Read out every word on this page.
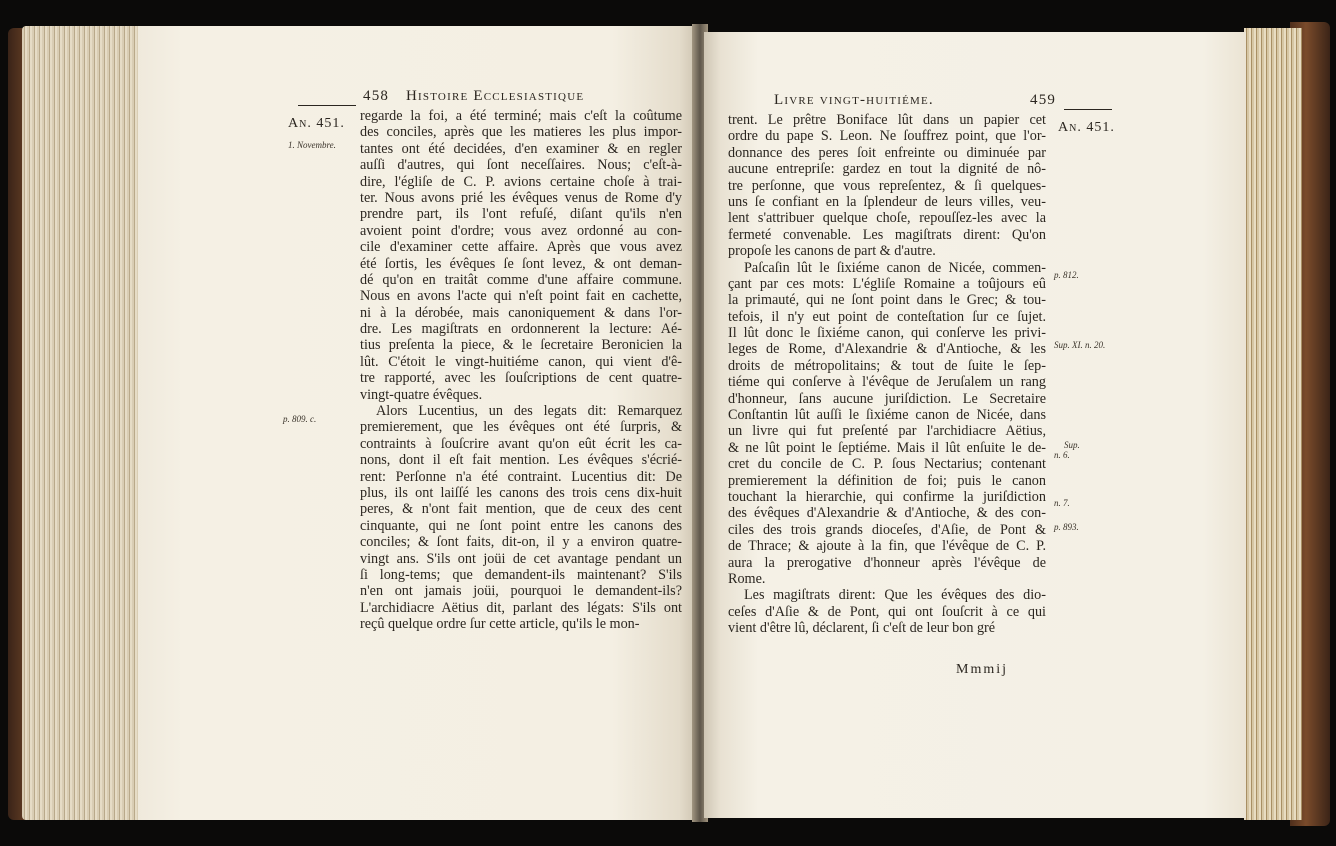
458 Histoire Ecclesiastique
An. 451.
1. Novembre.
p. 809. c.
regarde la foi, a été terminé; mais c'eſt la coûtume
des conciles, après que les matieres les plus impor-
tantes ont été decidées, d'en examiner & en regler
auſſi d'autres, qui ſont neceſſaires. Nous; c'eſt-à-
dire, l'égliſe de C. P. avions certaine choſe à trai-
ter. Nous avons prié les évêques venus de Rome d'y
prendre part, ils l'ont refuſé, diſant qu'ils n'en
avoient point d'ordre; vous avez ordonné au con-
cile d'examiner cette affaire. Après que vous avez
été ſortis, les évêques ſe ſont levez, & ont deman-
dé qu'on en traitât comme d'une affaire commune.
Nous en avons l'acte qui n'eſt point fait en cachette,
ni à la dérobée, mais canoniquement & dans l'or-
dre. Les magiſtrats en ordonnerent la lecture: Aé-
tius preſenta la piece, & le ſecretaire Beronicien la
lût. C'étoit le vingt-huitiéme canon, qui vient d'ê-
tre rapporté, avec les ſouſcriptions de cent quatre-
vingt-quatre évêques.
Alors Lucentius, un des legats dit: Remarquez
premierement, que les évêques ont été ſurpris, &
contraints à ſouſcrire avant qu'on eût écrit les ca-
nons, dont il eſt fait mention. Les évêques s'écrié-
rent: Perſonne n'a été contraint. Lucentius dit: De
plus, ils ont laiſſé les canons des trois cens dix-huit
peres, & n'ont fait mention, que de ceux des cent
cinquante, qui ne ſont point entre les canons des
conciles; & ſont faits, dit-on, il y a environ quatre-
vingt ans. S'ils ont joüi de cet avantage pendant un
ſi long-tems; que demandent-ils maintenant? S'ils
n'en ont jamais joüi, pourquoi le demandent-ils?
L'archidiacre Aëtius dit, parlant des légats: S'ils ont
reçû quelque ordre ſur cette article, qu'ils le mon-
Livre vingt-huitiéme.	459
An. 451.
p. 812.
Sup. XI. n. 20.
Sup.
n. 6.
n. 7.
p. 893.
trent. Le prêtre Boniface lût dans un papier cet
ordre du pape S. Leon. Ne ſouffrez point, que l'or-
donnance des peres ſoit enfreinte ou diminuée par
aucune entrepriſe: gardez en tout la dignité de nô-
tre perſonne, que vous repreſentez, & ſi quelques-
uns ſe confiant en la ſplendeur de leurs villes, veu-
lent s'attribuer quelque choſe, repouſſez-les avec la
fermeté convenable. Les magiſtrats dirent: Qu'on
propoſe les canons de part & d'autre.
Paſcaſin lût le ſixiéme canon de Nicée, commen-
çant par ces mots: L'égliſe Romaine a toûjours eû
la primauté, qui ne ſont point dans le Grec; & tou-
tefois, il n'y eut point de conteſtation ſur ce ſujet.
Il lût donc le ſixiéme canon, qui conſerve les privi-
leges de Rome, d'Alexandrie & d'Antioche, & les
droits de métropolitains; & tout de ſuite le ſep-
tiéme qui conſerve à l'évêque de Jeruſalem un rang
d'honneur, ſans aucune juriſdiction. Le Secretaire
Conſtantin lût auſſi le ſixiéme canon de Nicée, dans
un livre qui fut preſenté par l'archidiacre Aëtius,
& ne lût point le ſeptiéme. Mais il lût enſuite le de-
cret du concile de C. P. ſous Nectarius; contenant
premierement la définition de foi; puis le canon
touchant la hierarchie, qui confirme la juriſdiction
des évêques d'Alexandrie & d'Antioche, & des con-
ciles des trois grands dioceſes, d'Aſie, de Pont &
de Thrace; & ajoute à la fin, que l'évêque de C. P.
aura la prerogative d'honneur après l'évêque de
Rome.
Les magiſtrats dirent: Que les évêques des dio-
ceſes d'Aſie & de Pont, qui ont ſouſcrit à ce qui
vient d'être lû, déclarent, ſi c'eſt de leur bon gré
Mmmij
